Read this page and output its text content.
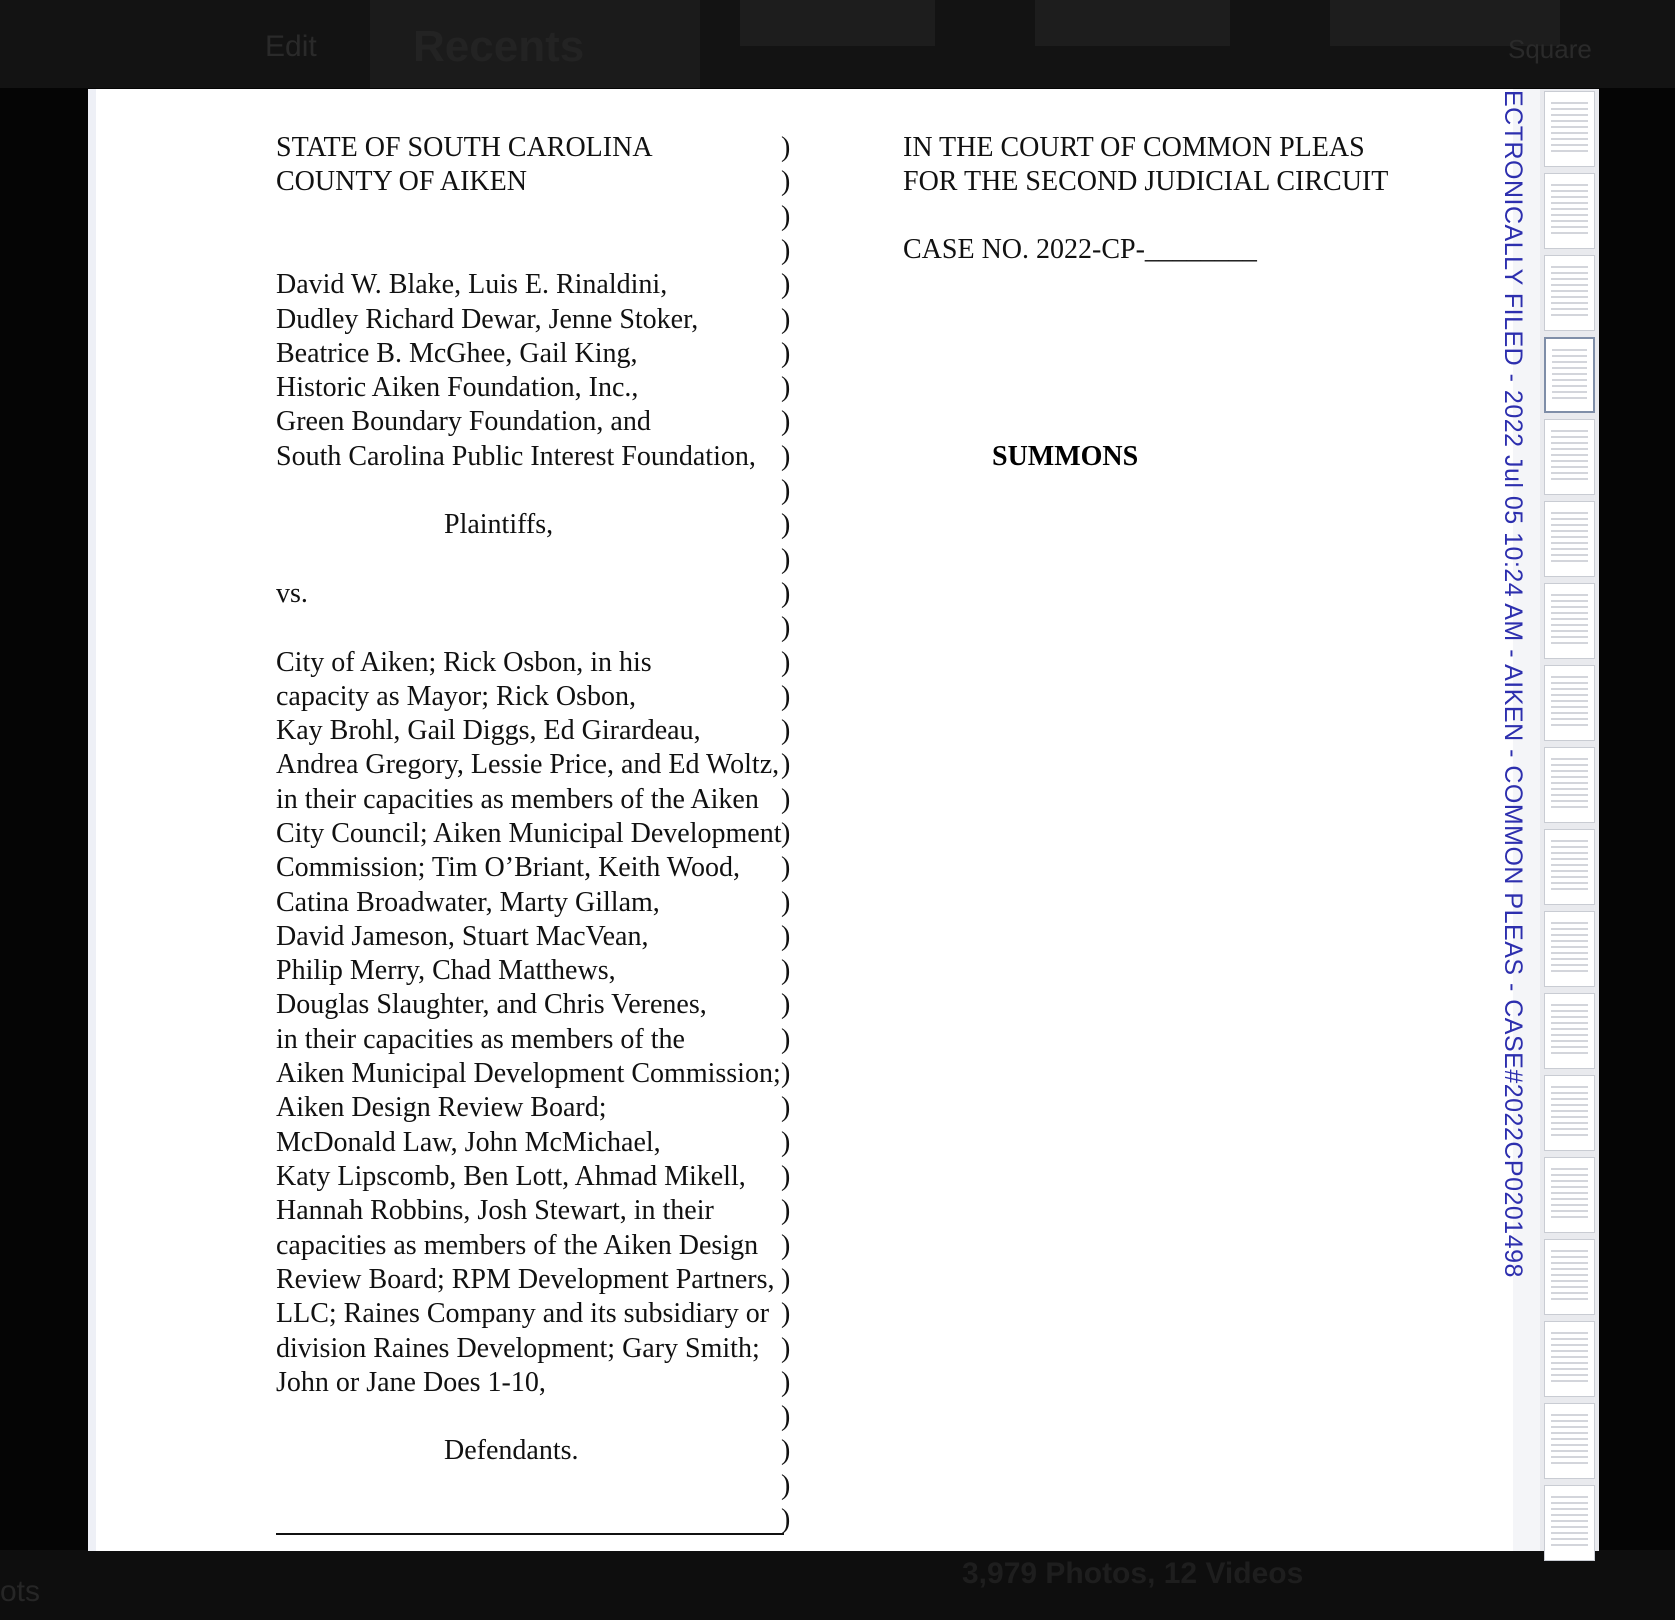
Edit Recents	Square
3,979 Photos, 12 Videos
ots
STATE OF SOUTH CAROLINA	)
COUNTY OF AIKEN	)
)
)
David W. Blake, Luis E. Rinaldini,	)
Dudley Richard Dewar, Jenne Stoker,	)
Beatrice B. McGhee, Gail King,	)
Historic Aiken Foundation, Inc.,	)
Green Boundary Foundation, and	)
South Carolina Public Interest Foundation, )
)
Plaintiffs,	)
)
vs.	)
)
City of Aiken; Rick Osbon, in his	)
capacity as Mayor; Rick Osbon,	)
Kay Brohl, Gail Diggs, Ed Girardeau,	)
Andrea Gregory, Lessie Price, and Ed Woltz, )
in their capacities as members of the Aiken )
City Council; Aiken Municipal Development )
Commission; Tim O’Briant, Keith Wood, )
Catina Broadwater, Marty Gillam,	)
David Jameson, Stuart MacVean,	)
Philip Merry, Chad Matthews,	)
Douglas Slaughter, and Chris Verenes,	)
in their capacities as members of the	)
Aiken Municipal Development Commission; )
Aiken Design Review Board;	)
McDonald Law, John McMichael,	)
Katy Lipscomb, Ben Lott, Ahmad Mikell, )
Hannah Robbins, Josh Stewart, in their )
capacities as members of the Aiken Design )
Review Board; RPM Development Partners, )
LLC; Raines Company and its subsidiary or )
division Raines Development; Gary Smith; )
John or Jane Does 1-10,	)
)
Defendants.	)
)
)
IN THE COURT OF COMMON PLEAS
FOR THE SECOND JUDICIAL CIRCUIT
CASE NO. 2022-CP-________
SUMMONS	ECTRONICALLY FILED - 2022 Jul 05 10:24 AM - AIKEN - COMMON PLEAS - CASE#2022CP0201498
